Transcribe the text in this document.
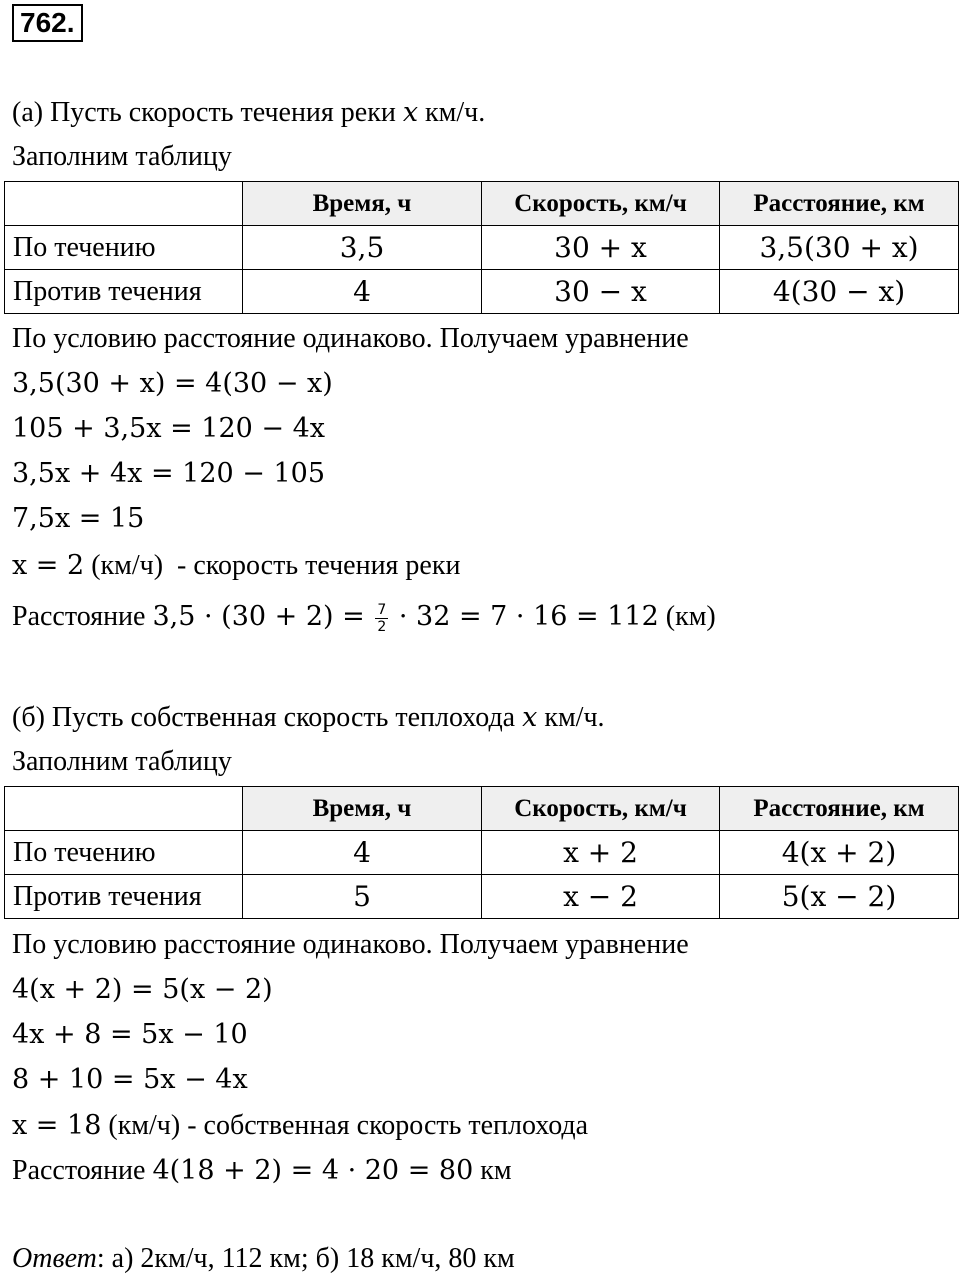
762.
(а) Пусть скорость течения реки x км/ч.
Заполним таблицу
	Время, ч	Скорость, км/ч	Расстояние, км
По течению	3,5	30 + x	3,5(30 + x)
Против течения	4	30 − x	4(30 − x)
По условию расстояние одинаково. Получаем уравнение
3,5(30 + x) = 4(30 − x)
105 + 3,5x = 120 − 4x
3,5x + 4x = 120 − 105
7,5x = 15
x = 2 (км/ч)  - скорость течения реки
Расстояние $3,5 \cdot (30 + 2) = \frac{7}{2} \cdot 32 = 7 \cdot 16 = 112$ (км)
(б) Пусть собственная скорость теплохода x км/ч.
Заполним таблицу
	Время, ч	Скорость, км/ч	Расстояние, км
По течению	4	x + 2	4(x + 2)
Против течения	5	x − 2	5(x − 2)
По условию расстояние одинаково. Получаем уравнение
4(x + 2) = 5(x − 2)
4x + 8 = 5x − 10
8 + 10 = 5x − 4x
x = 18 (км/ч) - собственная скорость теплохода
Расстояние 4(18 + 2) = 4 · 20 = 80 км
Ответ: а) 2км/ч, 112 км; б) 18 км/ч, 80 км
